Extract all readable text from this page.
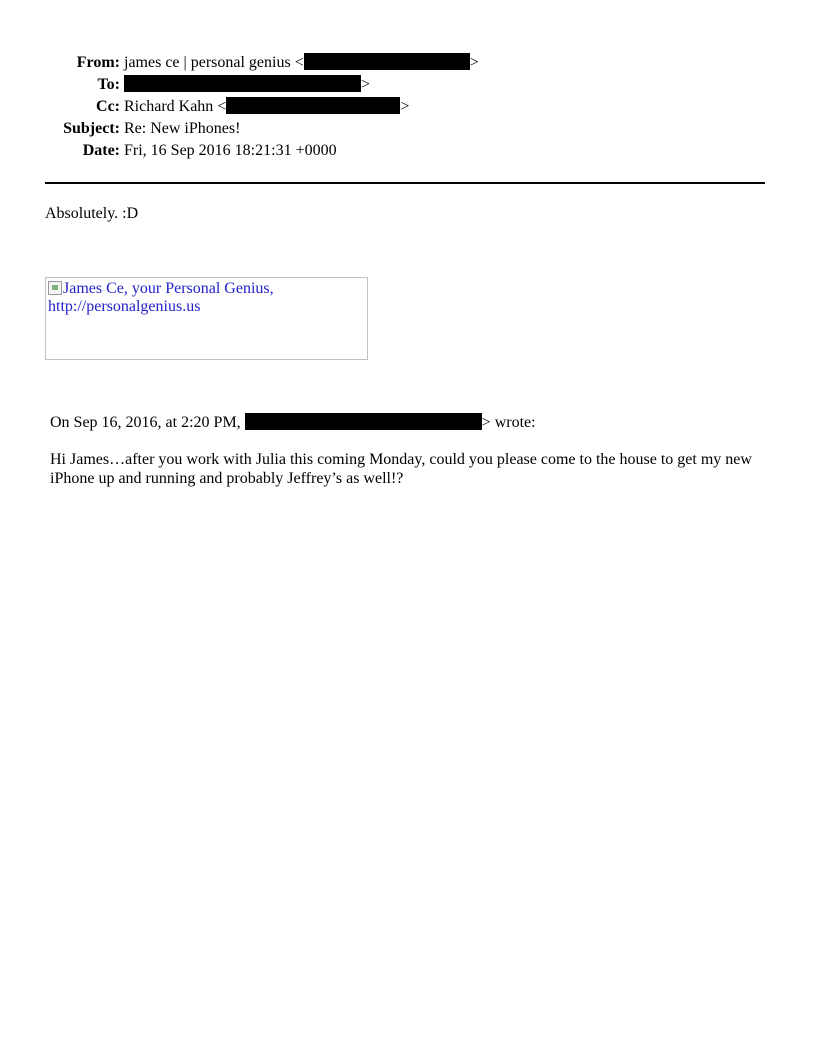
From:	james ce | personal genius < >
To:	>
Cc:	Richard Kahn < >
Subject:	Re: New iPhones!
Date:	Fri, 16 Sep 2016 18:21:31 +0000

Absolutely. :D

James Ce, your Personal Genius,
http://personalgenius.us

On Sep 16, 2016, at 2:20 PM,	> wrote:

Hi James…after you work with Julia this coming Monday, could you please come to the house to get my new iPhone up and running and probably Jeffrey’s as well!?
